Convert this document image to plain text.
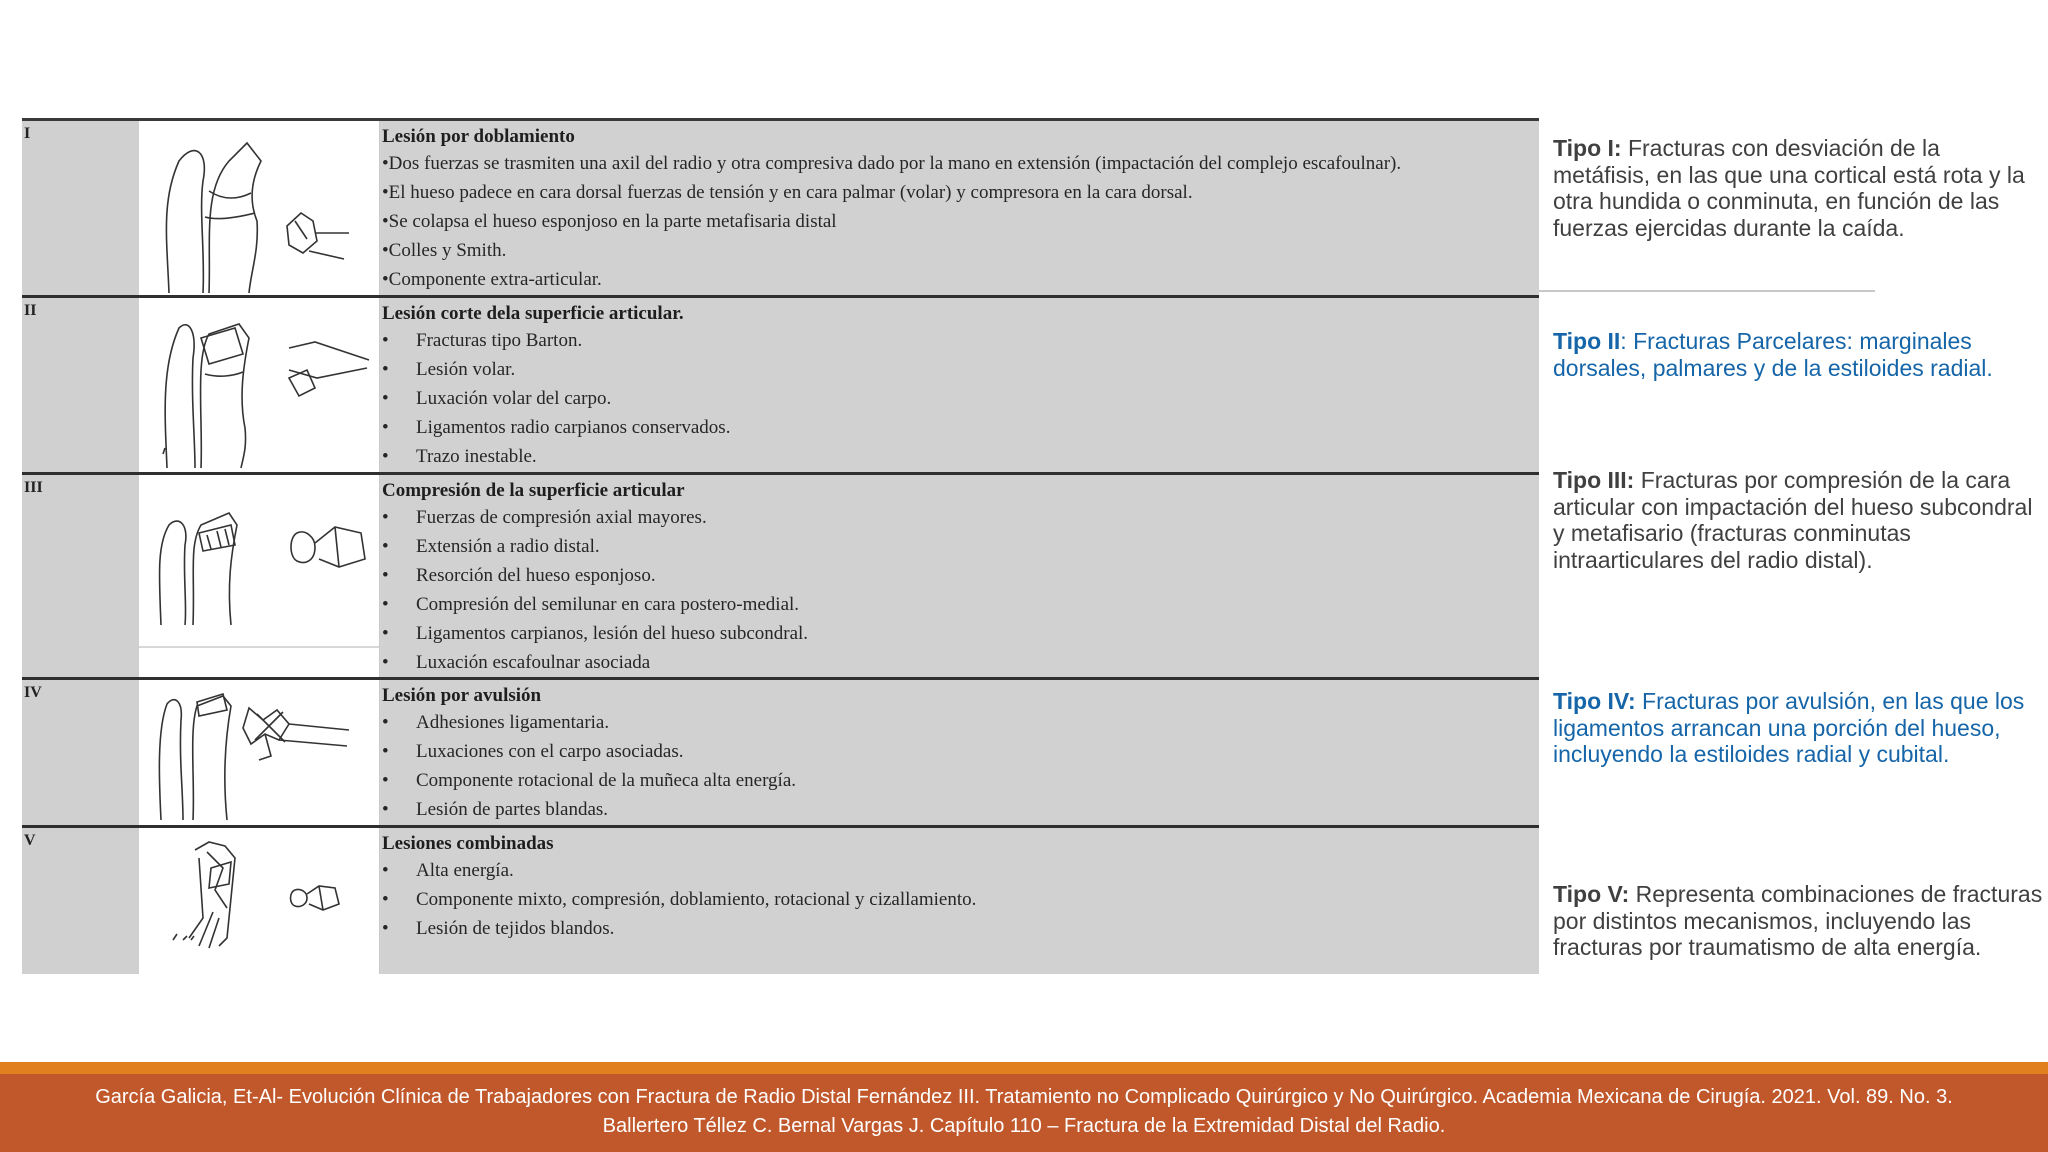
I	Lesión por doblamiento
•Dos fuerzas se trasmiten una axil del radio y otra compresiva dado por la mano en extensión (impactación del complejo escafoulnar).
•El hueso padece en cara dorsal fuerzas de tensión y en cara palmar (volar) y compresora en la cara dorsal.
•Se colapsa el hueso esponjoso en la parte metafisaria distal
•Colles y Smith.
•Componente extra-articular.
II	Lesión corte dela superficie articular.
• Fracturas tipo Barton.
• Lesión volar.
• Luxación volar del carpo.
• Ligamentos radio carpianos conservados.
• Trazo inestable.
III	Compresión de la superficie articular
• Fuerzas de compresión axial mayores.
• Extensión a radio distal.
• Resorción del hueso esponjoso.
• Compresión del semilunar en cara postero-medial.
• Ligamentos carpianos, lesión del hueso subcondral.
• Luxación escafoulnar asociada
IV	Lesión por avulsión
• Adhesiones ligamentaria.
• Luxaciones con el carpo asociadas.
• Componente rotacional de la muñeca alta energía.
• Lesión de partes blandas.
V	Lesiones combinadas
• Alta energía.
• Componente mixto, compresión, doblamiento, rotacional y cizallamiento.
• Lesión de tejidos blandos.
Tipo I: Fracturas con desviación de la metáfisis, en las que una cortical está rota y la otra hundida o conminuta, en función de las fuerzas ejercidas durante la caída.
Tipo II: Fracturas Parcelares: marginales dorsales, palmares y de la estiloides radial.
Tipo III: Fracturas por compresión de la cara articular con impactación del hueso subcondral y metafisario (fracturas conminutas intraarticulares del radio distal).
Tipo IV: Fracturas por avulsión, en las que los ligamentos arrancan una porción del hueso, incluyendo la estiloides radial y cubital.
Tipo V: Representa combinaciones de fracturas por distintos mecanismos, incluyendo las fracturas por traumatismo de alta energía.
García Galicia, Et-Al- Evolución Clínica de Trabajadores con Fractura de Radio Distal Fernández III. Tratamiento no Complicado Quirúrgico y No Quirúrgico. Academia Mexicana de Cirugía. 2021. Vol. 89. No. 3.
Ballertero Téllez C. Bernal Vargas J. Capítulo 110 – Fractura de la Extremidad Distal del Radio.
